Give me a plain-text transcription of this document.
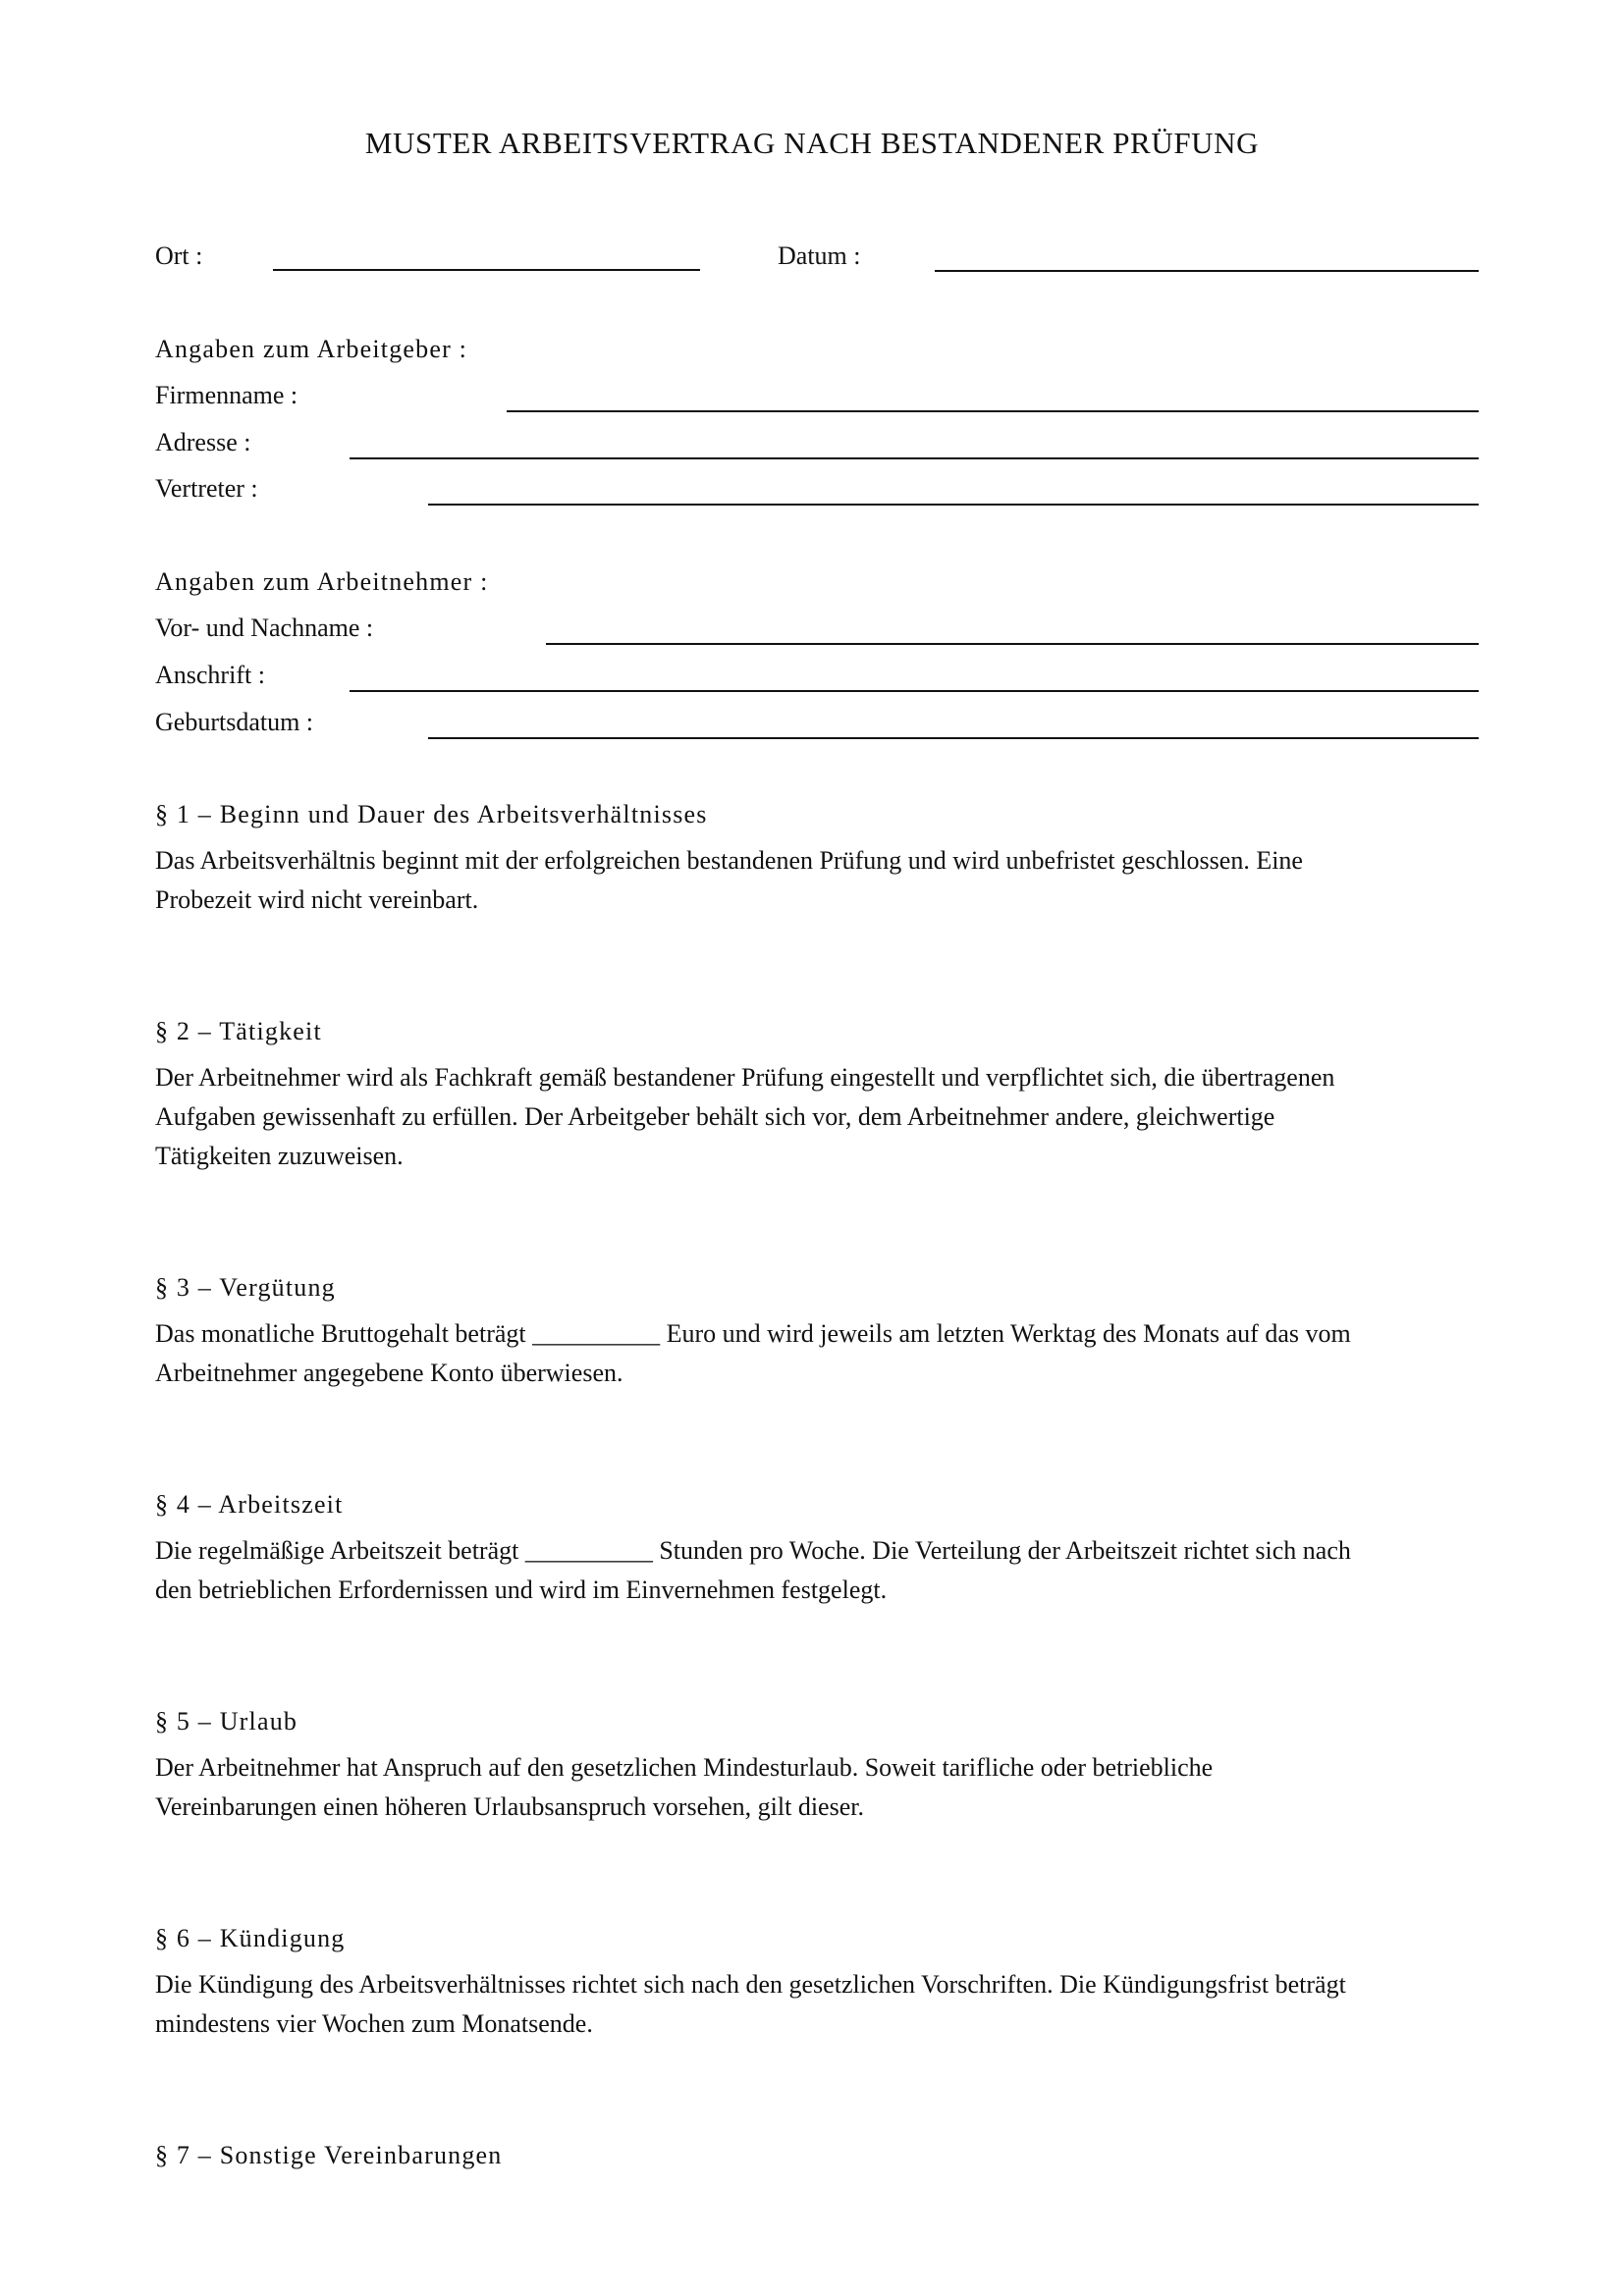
MUSTER ARBEITSVERTRAG NACH BESTANDENER PRÜFUNG
Ort :	Datum :
Angaben zum Arbeitgeber :
Firmenname :
Adresse :
Vertreter :
Angaben zum Arbeitnehmer :
Vor- und Nachname :
Anschrift :
Geburtsdatum :
§ 1 – Beginn und Dauer des Arbeitsverhältnisses
Das Arbeitsverhältnis beginnt mit der erfolgreichen bestandenen Prüfung und wird unbefristet geschlossen. Eine
Probezeit wird nicht vereinbart.
§ 2 – Tätigkeit
Der Arbeitnehmer wird als Fachkraft gemäß bestandener Prüfung eingestellt und verpflichtet sich, die übertragenen
Aufgaben gewissenhaft zu erfüllen. Der Arbeitgeber behält sich vor, dem Arbeitnehmer andere, gleichwertige
Tätigkeiten zuzuweisen.
§ 3 – Vergütung
Das monatliche Bruttogehalt beträgt __________ Euro und wird jeweils am letzten Werktag des Monats auf das vom
Arbeitnehmer angegebene Konto überwiesen.
§ 4 – Arbeitszeit
Die regelmäßige Arbeitszeit beträgt __________ Stunden pro Woche. Die Verteilung der Arbeitszeit richtet sich nach
den betrieblichen Erfordernissen und wird im Einvernehmen festgelegt.
§ 5 – Urlaub
Der Arbeitnehmer hat Anspruch auf den gesetzlichen Mindesturlaub. Soweit tarifliche oder betriebliche
Vereinbarungen einen höheren Urlaubsanspruch vorsehen, gilt dieser.
§ 6 – Kündigung
Die Kündigung des Arbeitsverhältnisses richtet sich nach den gesetzlichen Vorschriften. Die Kündigungsfrist beträgt
mindestens vier Wochen zum Monatsende.
§ 7 – Sonstige Vereinbarungen
